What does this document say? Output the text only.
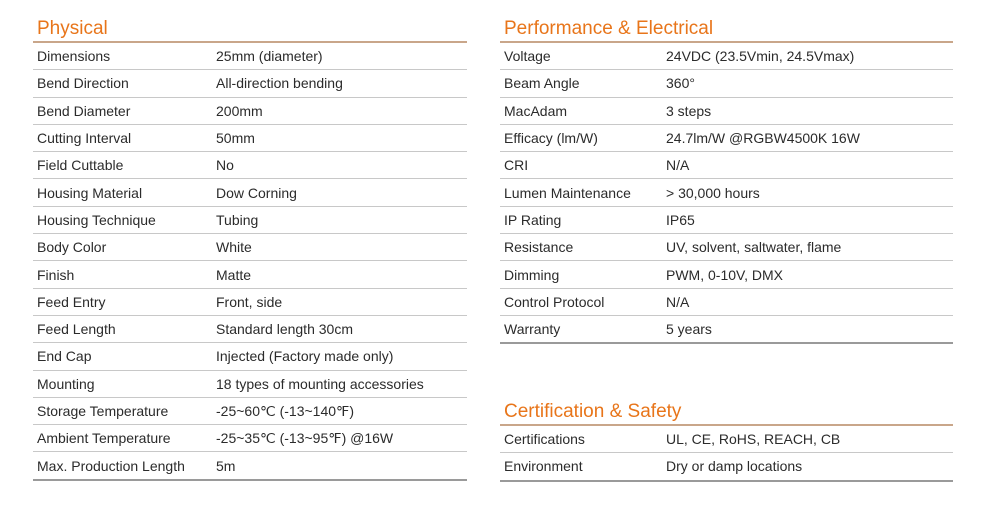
Physical
Dimensions	25mm (diameter)
Bend Direction	All-direction bending
Bend Diameter	200mm
Cutting Interval	50mm
Field Cuttable	No
Housing Material	Dow Corning
Housing Technique	Tubing
Body Color	White
Finish	Matte
Feed Entry	Front, side
Feed Length	Standard length 30cm
End Cap	Injected (Factory made only)
Mounting	18 types of mounting accessories
Storage Temperature	-25~60℃ (-13~140℉)
Ambient Temperature	-25~35℃ (-13~95℉) @16W
Max. Production Length	5m
Performance & Electrical
Voltage	24VDC (23.5Vmin, 24.5Vmax)
Beam Angle	360°
MacAdam	3 steps
Efficacy (lm/W)	24.7lm/W @RGBW4500K 16W
CRI	N/A
Lumen Maintenance	> 30,000 hours
IP Rating	IP65
Resistance	UV, solvent, saltwater, flame
Dimming	PWM, 0-10V, DMX
Control Protocol	N/A
Warranty	5 years
Certification & Safety
Certifications	UL, CE, RoHS, REACH, CB
Environment	Dry or damp locations
